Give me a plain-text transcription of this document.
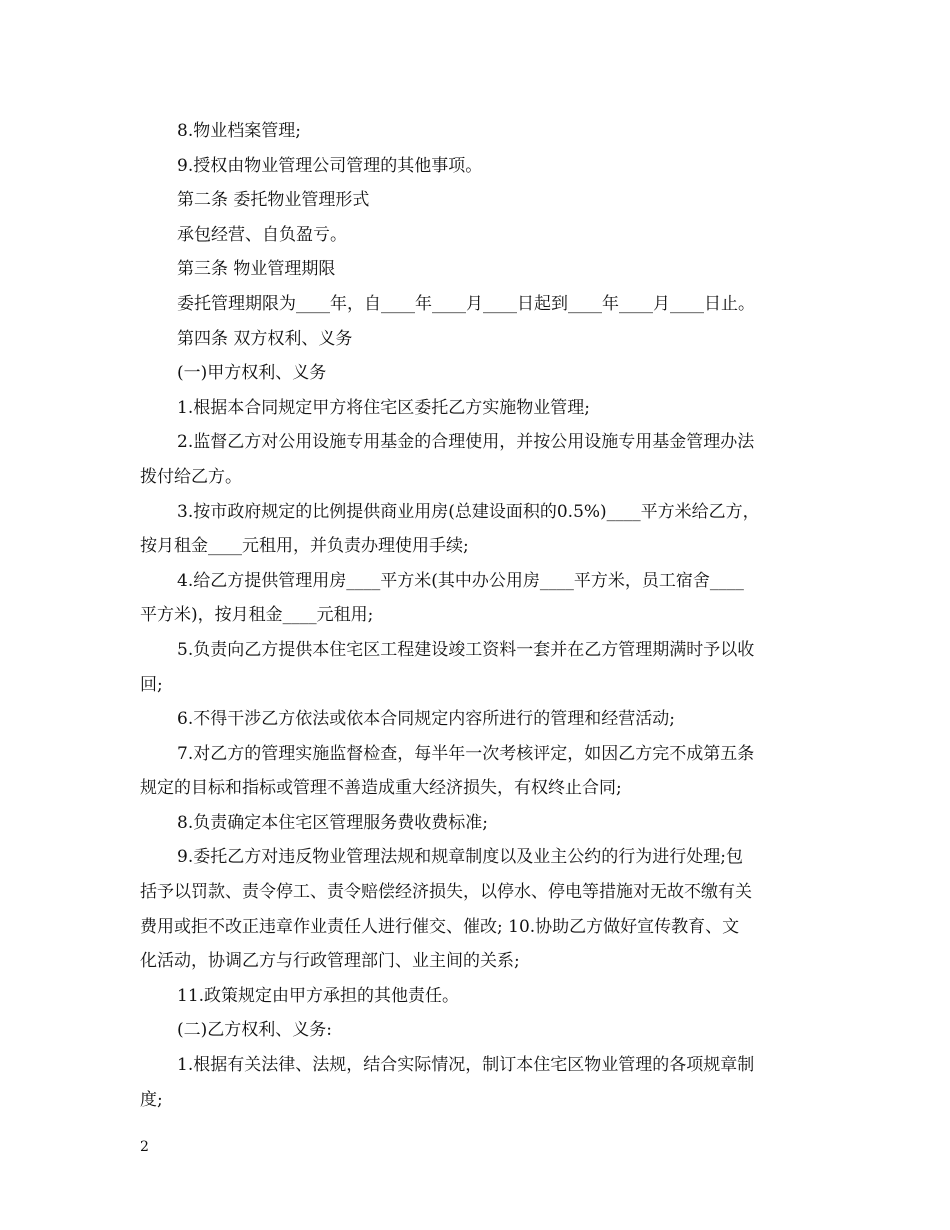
8.物业档案管理;
9.授权由物业管理公司管理的其他事项。
第二条 委托物业管理形式
承包经营、自负盈亏。
第三条 物业管理期限
委托管理期限为____年，自____年____月____日起到____年____月____日止。
第四条 双方权利、义务
(一)甲方权利、义务
1.根据本合同规定甲方将住宅区委托乙方实施物业管理;
2.监督乙方对公用设施专用基金的合理使用，并按公用设施专用基金管理办法
拨付给乙方。
3.按市政府规定的比例提供商业用房(总建设面积的0.5%)____平方米给乙方，
按月租金____元租用，并负责办理使用手续;
4.给乙方提供管理用房____平方米(其中办公用房____平方米，员工宿舍____
平方米)，按月租金____元租用;
5.负责向乙方提供本住宅区工程建设竣工资料一套并在乙方管理期满时予以收
回;
6.不得干涉乙方依法或依本合同规定内容所进行的管理和经营活动;
7.对乙方的管理实施监督检查，每半年一次考核评定，如因乙方完不成第五条
规定的目标和指标或管理不善造成重大经济损失，有权终止合同;
8.负责确定本住宅区管理服务费收费标准;
9.委托乙方对违反物业管理法规和规章制度以及业主公约的行为进行处理;包
括予以罚款、责令停工、责令赔偿经济损失，以停水、停电等措施对无故不缴有关
费用或拒不改正违章作业责任人进行催交、催改; 10.协助乙方做好宣传教育、文
化活动，协调乙方与行政管理部门、业主间的关系;
11.政策规定由甲方承担的其他责任。
(二)乙方权利、义务:
1.根据有关法律、法规，结合实际情况，制订本住宅区物业管理的各项规章制
度;
2
